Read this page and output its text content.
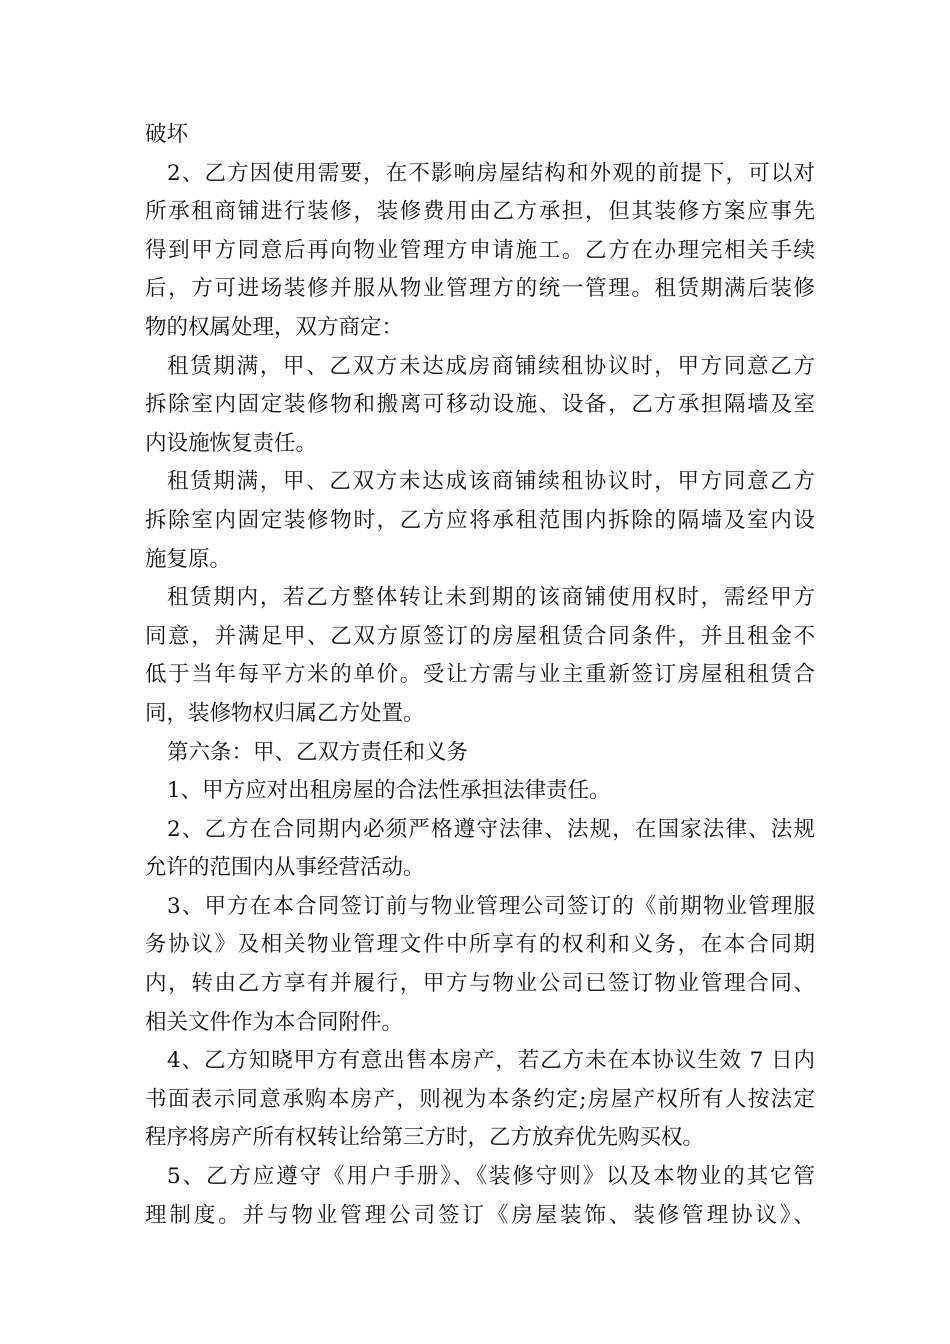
破坏
2、乙方因使用需要，在不影响房屋结构和外观的前提下，可以对
所承租商铺进行装修，装修费用由乙方承担，但其装修方案应事先
得到甲方同意后再向物业管理方申请施工。乙方在办理完相关手续
后，方可进场装修并服从物业管理方的统一管理。租赁期满后装修
物的权属处理，双方商定：
租赁期满，甲、乙双方未达成房商铺续租协议时，甲方同意乙方
拆除室内固定装修物和搬离可移动设施、设备，乙方承担隔墙及室
内设施恢复责任。
租赁期满，甲、乙双方未达成该商铺续租协议时，甲方同意乙方
拆除室内固定装修物时，乙方应将承租范围内拆除的隔墙及室内设
施复原。
租赁期内，若乙方整体转让未到期的该商铺使用权时，需经甲方
同意，并满足甲、乙双方原签订的房屋租赁合同条件，并且租金不
低于当年每平方米的单价。受让方需与业主重新签订房屋租租赁合
同，装修物权归属乙方处置。
第六条：甲、乙双方责任和义务
1、甲方应对出租房屋的合法性承担法律责任。
2、乙方在合同期内必须严格遵守法律、法规，在国家法律、法规
允许的范围内从事经营活动。
3、甲方在本合同签订前与物业管理公司签订的《前期物业管理服
务协议》及相关物业管理文件中所享有的权利和义务，在本合同期
内，转由乙方享有并履行，甲方与物业公司已签订物业管理合同、
相关文件作为本合同附件。
4、乙方知晓甲方有意出售本房产，若乙方未在本协议生效 7 日内
书面表示同意承购本房产，则视为本条约定;房屋产权所有人按法定
程序将房产所有权转让给第三方时，乙方放弃优先购买权。
5、乙方应遵守《用户手册》、《装修守则》以及本物业的其它管
理制度。并与物业管理公司签订《房屋装饰、装修管理协议》、
